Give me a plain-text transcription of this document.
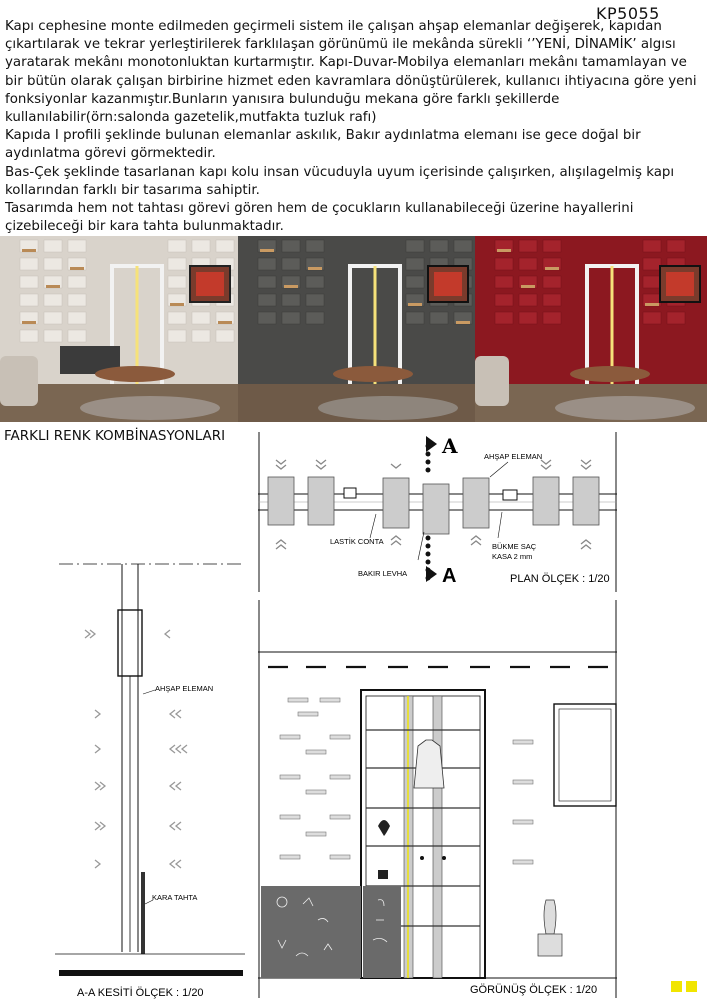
KP5055

Kapı cephesine monte edilmeden geçirmeli sistem ile çalışan ahşap elemanlar değişerek, kapıdan çıkartılarak ve tekrar yerleştirilerek farklılaşan görünümü ile mekânda sürekli ‘’YENİ, DİNAMİK’ algısı yaratarak mekânı monotonluktan kurtarmıştır. Kapı-Duvar-Mobilya elemanları mekânı tamamlayan ve bir bütün olarak çalışan birbirine hizmet eden kavramlara dönüştürülerek, kullanıcı ihtiyacına göre yeni fonksiyonlar kazanmıştır.Bunların yanısıra bulunduğu mekana göre farklı şekillerde kullanılabilir(örn:salonda gazetelik,mutfakta tuzluk rafı)

Kapıda I profili şeklinde bulunan elemanlar askılık, Bakır aydınlatma elemanı ise gece doğal bir aydınlatma görevi görmektedir.

Bas-Çek şeklinde tasarlanan kapı kolu insan vücuduyla uyum içerisinde çalışırken, alışılagelmiş kapı kollarından farklı bir tasarıma sahiptir.

Tasarımda hem not tahtası görevi gören hem de çocukların kullanabileceği üzerine hayallerini çizebileceği bir kara tahta bulunmaktadır.

FARKLI RENK KOMBİNASYONLARI	A
A
AHŞAP ELEMAN
LASTİK CONTA
BÜKME SAÇ
KASA 2 mm
BAKIR LEVHA	PLAN ÖLÇEK : 1/20
AHŞAP ELEMAN
KARA TAHTA
A-A KESİTİ ÖLÇEK : 1/20	GÖRÜNÜŞ ÖLÇEK : 1/20
